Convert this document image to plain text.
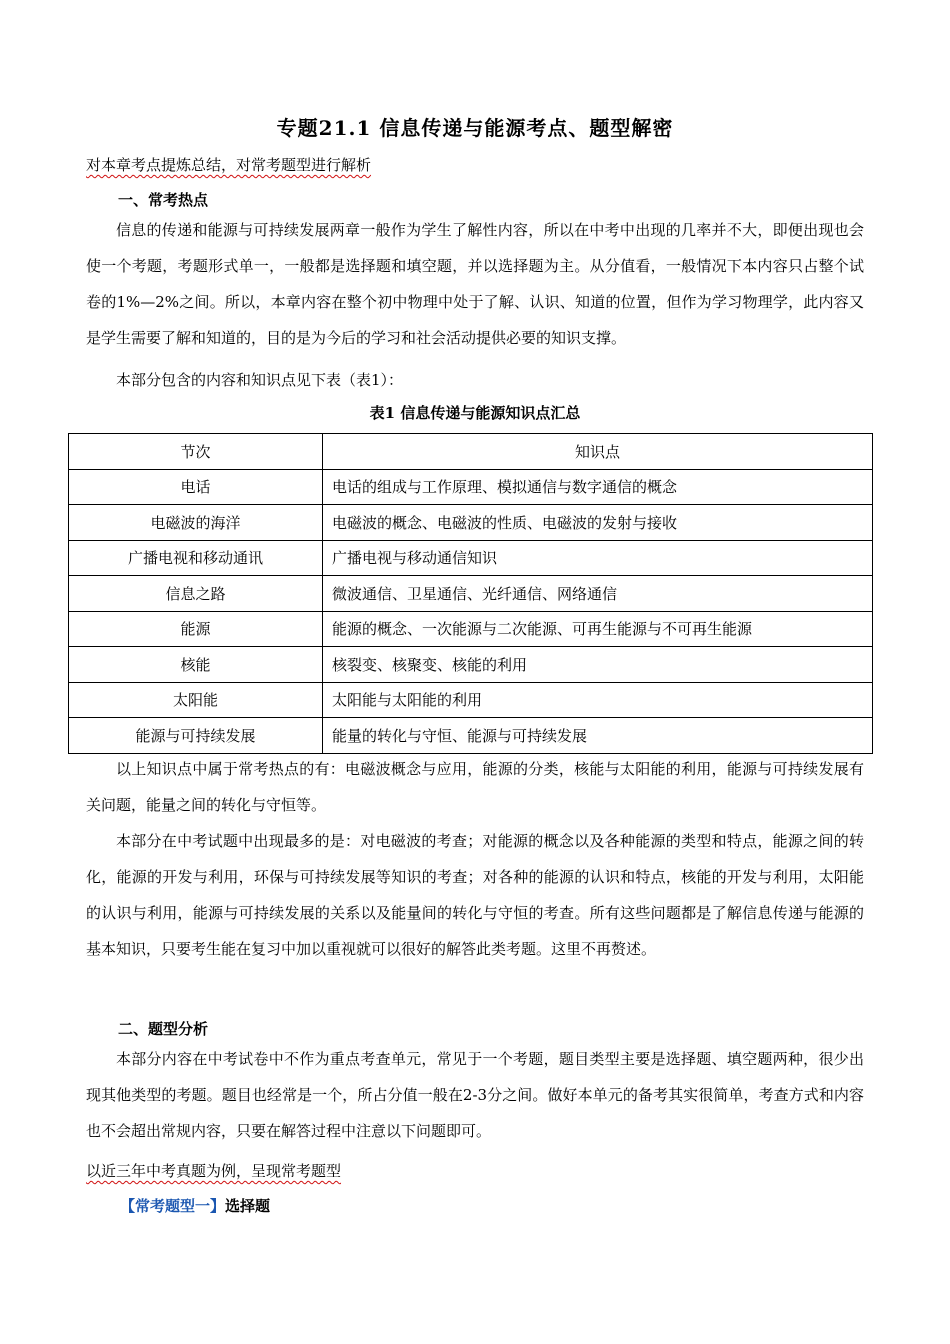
专题21.1 信息传递与能源考点、题型解密
对本章考点提炼总结，对常考题型进行解析
一、常考热点
信息的传递和能源与可持续发展两章一般作为学生了解性内容，所以在中考中出现的几率并不大，即便出现也会使一个考题，考题形式单一，一般都是选择题和填空题，并以选择题为主。从分值看，一般情况下本内容只占整个试卷的1%—2%之间。所以，本章内容在整个初中物理中处于了解、认识、知道的位置，但作为学习物理学，此内容又是学生需要了解和知道的，目的是为今后的学习和社会活动提供必要的知识支撑。
本部分包含的内容和知识点见下表（表1）：
表1 信息传递与能源知识点汇总
节次	知识点
电话	电话的组成与工作原理、模拟通信与数字通信的概念
电磁波的海洋	电磁波的概念、电磁波的性质、电磁波的发射与接收
广播电视和移动通讯	广播电视与移动通信知识
信息之路	微波通信、卫星通信、光纤通信、网络通信
能源	能源的概念、一次能源与二次能源、可再生能源与不可再生能源
核能	核裂变、核聚变、核能的利用
太阳能	太阳能与太阳能的利用
能源与可持续发展	能量的转化与守恒、能源与可持续发展
以上知识点中属于常考热点的有：电磁波概念与应用，能源的分类，核能与太阳能的利用，能源与可持续发展有关问题，能量之间的转化与守恒等。
本部分在中考试题中出现最多的是：对电磁波的考查；对能源的概念以及各种能源的类型和特点，能源之间的转化，能源的开发与利用，环保与可持续发展等知识的考查；对各种的能源的认识和特点，核能的开发与利用，太阳能的认识与利用，能源与可持续发展的关系以及能量间的转化与守恒的考查。所有这些问题都是了解信息传递与能源的基本知识，只要考生能在复习中加以重视就可以很好的解答此类考题。这里不再赘述。
二、题型分析
本部分内容在中考试卷中不作为重点考查单元，常见于一个考题，题目类型主要是选择题、填空题两种，很少出现其他类型的考题。题目也经常是一个，所占分值一般在2-3分之间。做好本单元的备考其实很简单，考查方式和内容也不会超出常规内容，只要在解答过程中注意以下问题即可。
以近三年中考真题为例，呈现常考题型
【常考题型一】选择题
